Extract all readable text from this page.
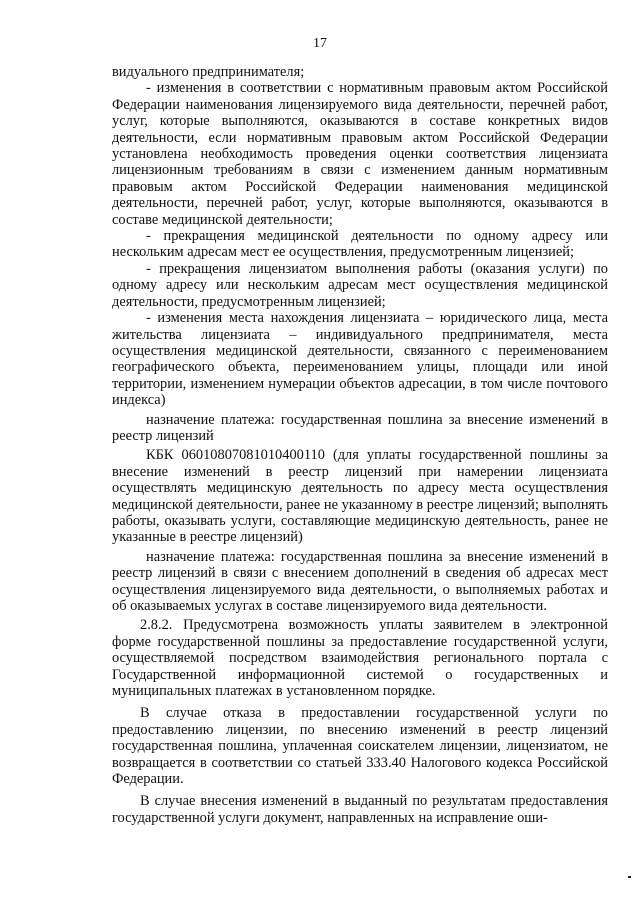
17

видуального предпринимателя;

- изменения в соответствии с нормативным правовым актом Российской Федерации наименования лицензируемого вида деятельности, перечней работ, услуг, которые выполняются, оказываются в составе конкретных видов деятельности, если нормативным правовым актом Российской Федерации установлена необходимость проведения оценки соответствия лицензиата лицензионным требованиям в связи с изменением данным нормативным правовым актом Российской Федерации наименования медицинской деятельности, перечней работ, услуг, которые выполняются, оказываются в составе медицинской деятельности;

- прекращения медицинской деятельности по одному адресу или нескольким адресам мест ее осуществления, предусмотренным лицензией;

- прекращения лицензиатом выполнения работы (оказания услуги) по одному адресу или нескольким адресам мест осуществления медицинской деятельности, предусмотренным лицензией;

- изменения места нахождения лицензиата – юридического лица, места жительства лицензиата – индивидуального предпринимателя, места осуществления медицинской деятельности, связанного с переименованием географического объекта, переименованием улицы, площади или иной территории, изменением нумерации объектов адресации, в том числе почтового индекса)

назначение платежа: государственная пошлина за внесение изменений в реестр лицензий

КБК 06010807081010400110 (для уплаты государственной пошлины за внесение изменений в реестр лицензий при намерении лицензиата осуществлять медицинскую деятельность по адресу места осуществления медицинской деятельности, ранее не указанному в реестре лицензий; выполнять работы, оказывать услуги, составляющие медицинскую деятельность, ранее не указанные в реестре лицензий)

назначение платежа: государственная пошлина за внесение изменений в реестр лицензий в связи с внесением дополнений в сведения об адресах мест осуществления лицензируемого вида деятельности, о выполняемых работах и об оказываемых услугах в составе лицензируемого вида деятельности.

2.8.2. Предусмотрена возможность уплаты заявителем в электронной форме государственной пошлины за предоставление государственной услуги, осуществляемой посредством взаимодействия регионального портала с Государственной информационной системой о государственных и муниципальных платежах в установленном порядке.

В случае отказа в предоставлении государственной услуги по предоставлению лицензии, по внесению изменений в реестр лицензий государственная пошлина, уплаченная соискателем лицензии, лицензиатом, не возвращается в соответствии со статьей 333.40 Налогового кодекса Российской Федерации.

В случае внесения изменений в выданный по результатам предоставления государственной услуги документ, направленных на исправление оши-
